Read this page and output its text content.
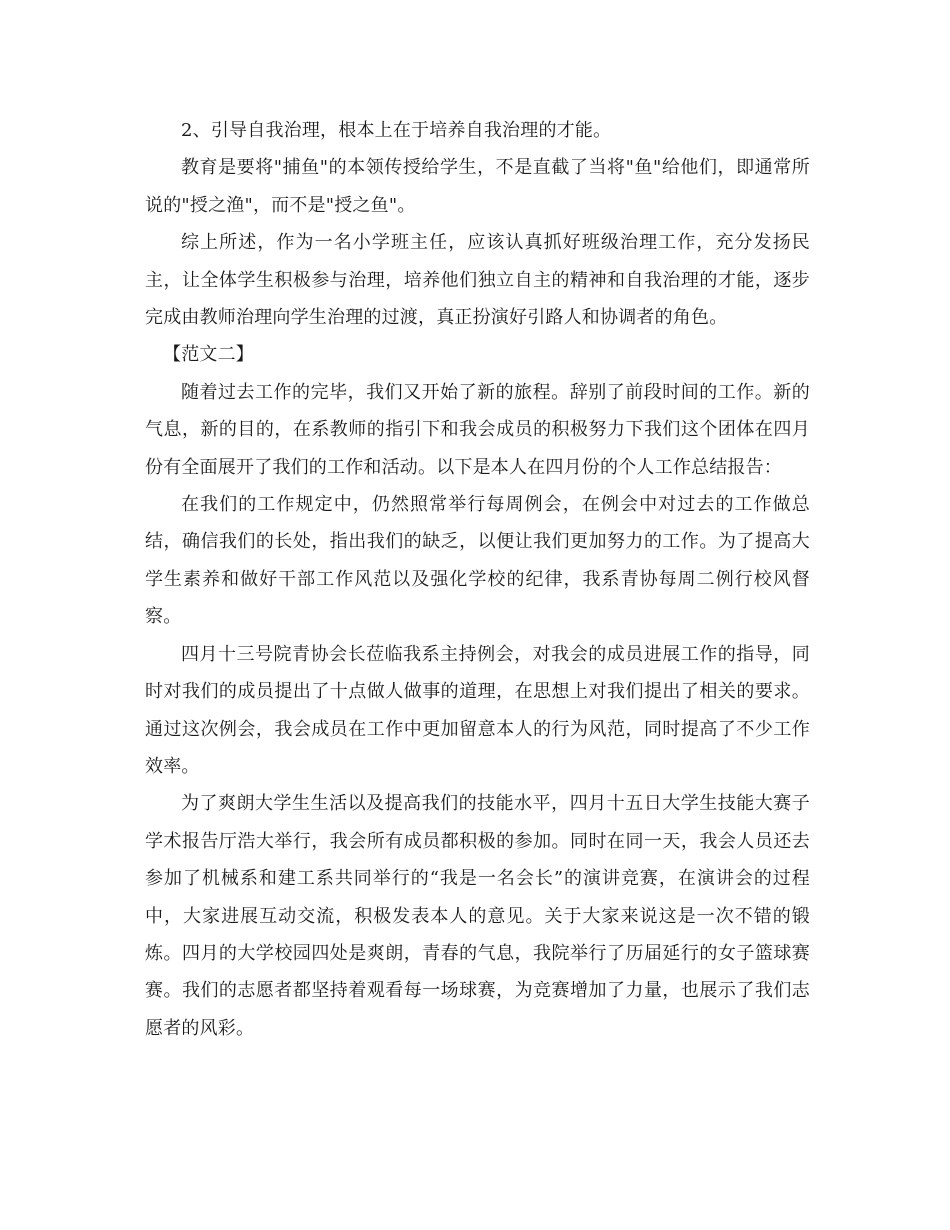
2、引导自我治理，根本上在于培养自我治理的才能。

教育是要将"捕鱼"的本领传授给学生，不是直截了当将"鱼"给他们，即通常所说的"授之渔"，而不是"授之鱼"。

综上所述，作为一名小学班主任，应该认真抓好班级治理工作，充分发扬民主，让全体学生积极参与治理，培养他们独立自主的精神和自我治理的才能，逐步完成由教师治理向学生治理的过渡，真正扮演好引路人和协调者的角色。

【范文二】

随着过去工作的完毕，我们又开始了新的旅程。辞别了前段时间的工作。新的气息，新的目的，在系教师的指引下和我会成员的积极努力下我们这个团体在四月份有全面展开了我们的工作和活动。以下是本人在四月份的个人工作总结报告：

在我们的工作规定中，仍然照常举行每周例会，在例会中对过去的工作做总结，确信我们的长处，指出我们的缺乏，以便让我们更加努力的工作。为了提高大学生素养和做好干部工作风范以及强化学校的纪律，我系青协每周二例行校风督察。

四月十三号院青协会长莅临我系主持例会，对我会的成员进展工作的指导，同时对我们的成员提出了十点做人做事的道理，在思想上对我们提出了相关的要求。通过这次例会，我会成员在工作中更加留意本人的行为风范，同时提高了不少工作效率。

为了爽朗大学生生活以及提高我们的技能水平，四月十五日大学生技能大赛子学术报告厅浩大举行，我会所有成员都积极的参加。同时在同一天，我会人员还去参加了机械系和建工系共同举行的“我是一名会长”的演讲竞赛，在演讲会的过程中，大家进展互动交流，积极发表本人的意见。关于大家来说这是一次不错的锻炼。四月的大学校园四处是爽朗，青春的气息，我院举行了历届延行的女子篮球赛赛。我们的志愿者都坚持着观看每一场球赛，为竞赛增加了力量，也展示了我们志愿者的风彩。
